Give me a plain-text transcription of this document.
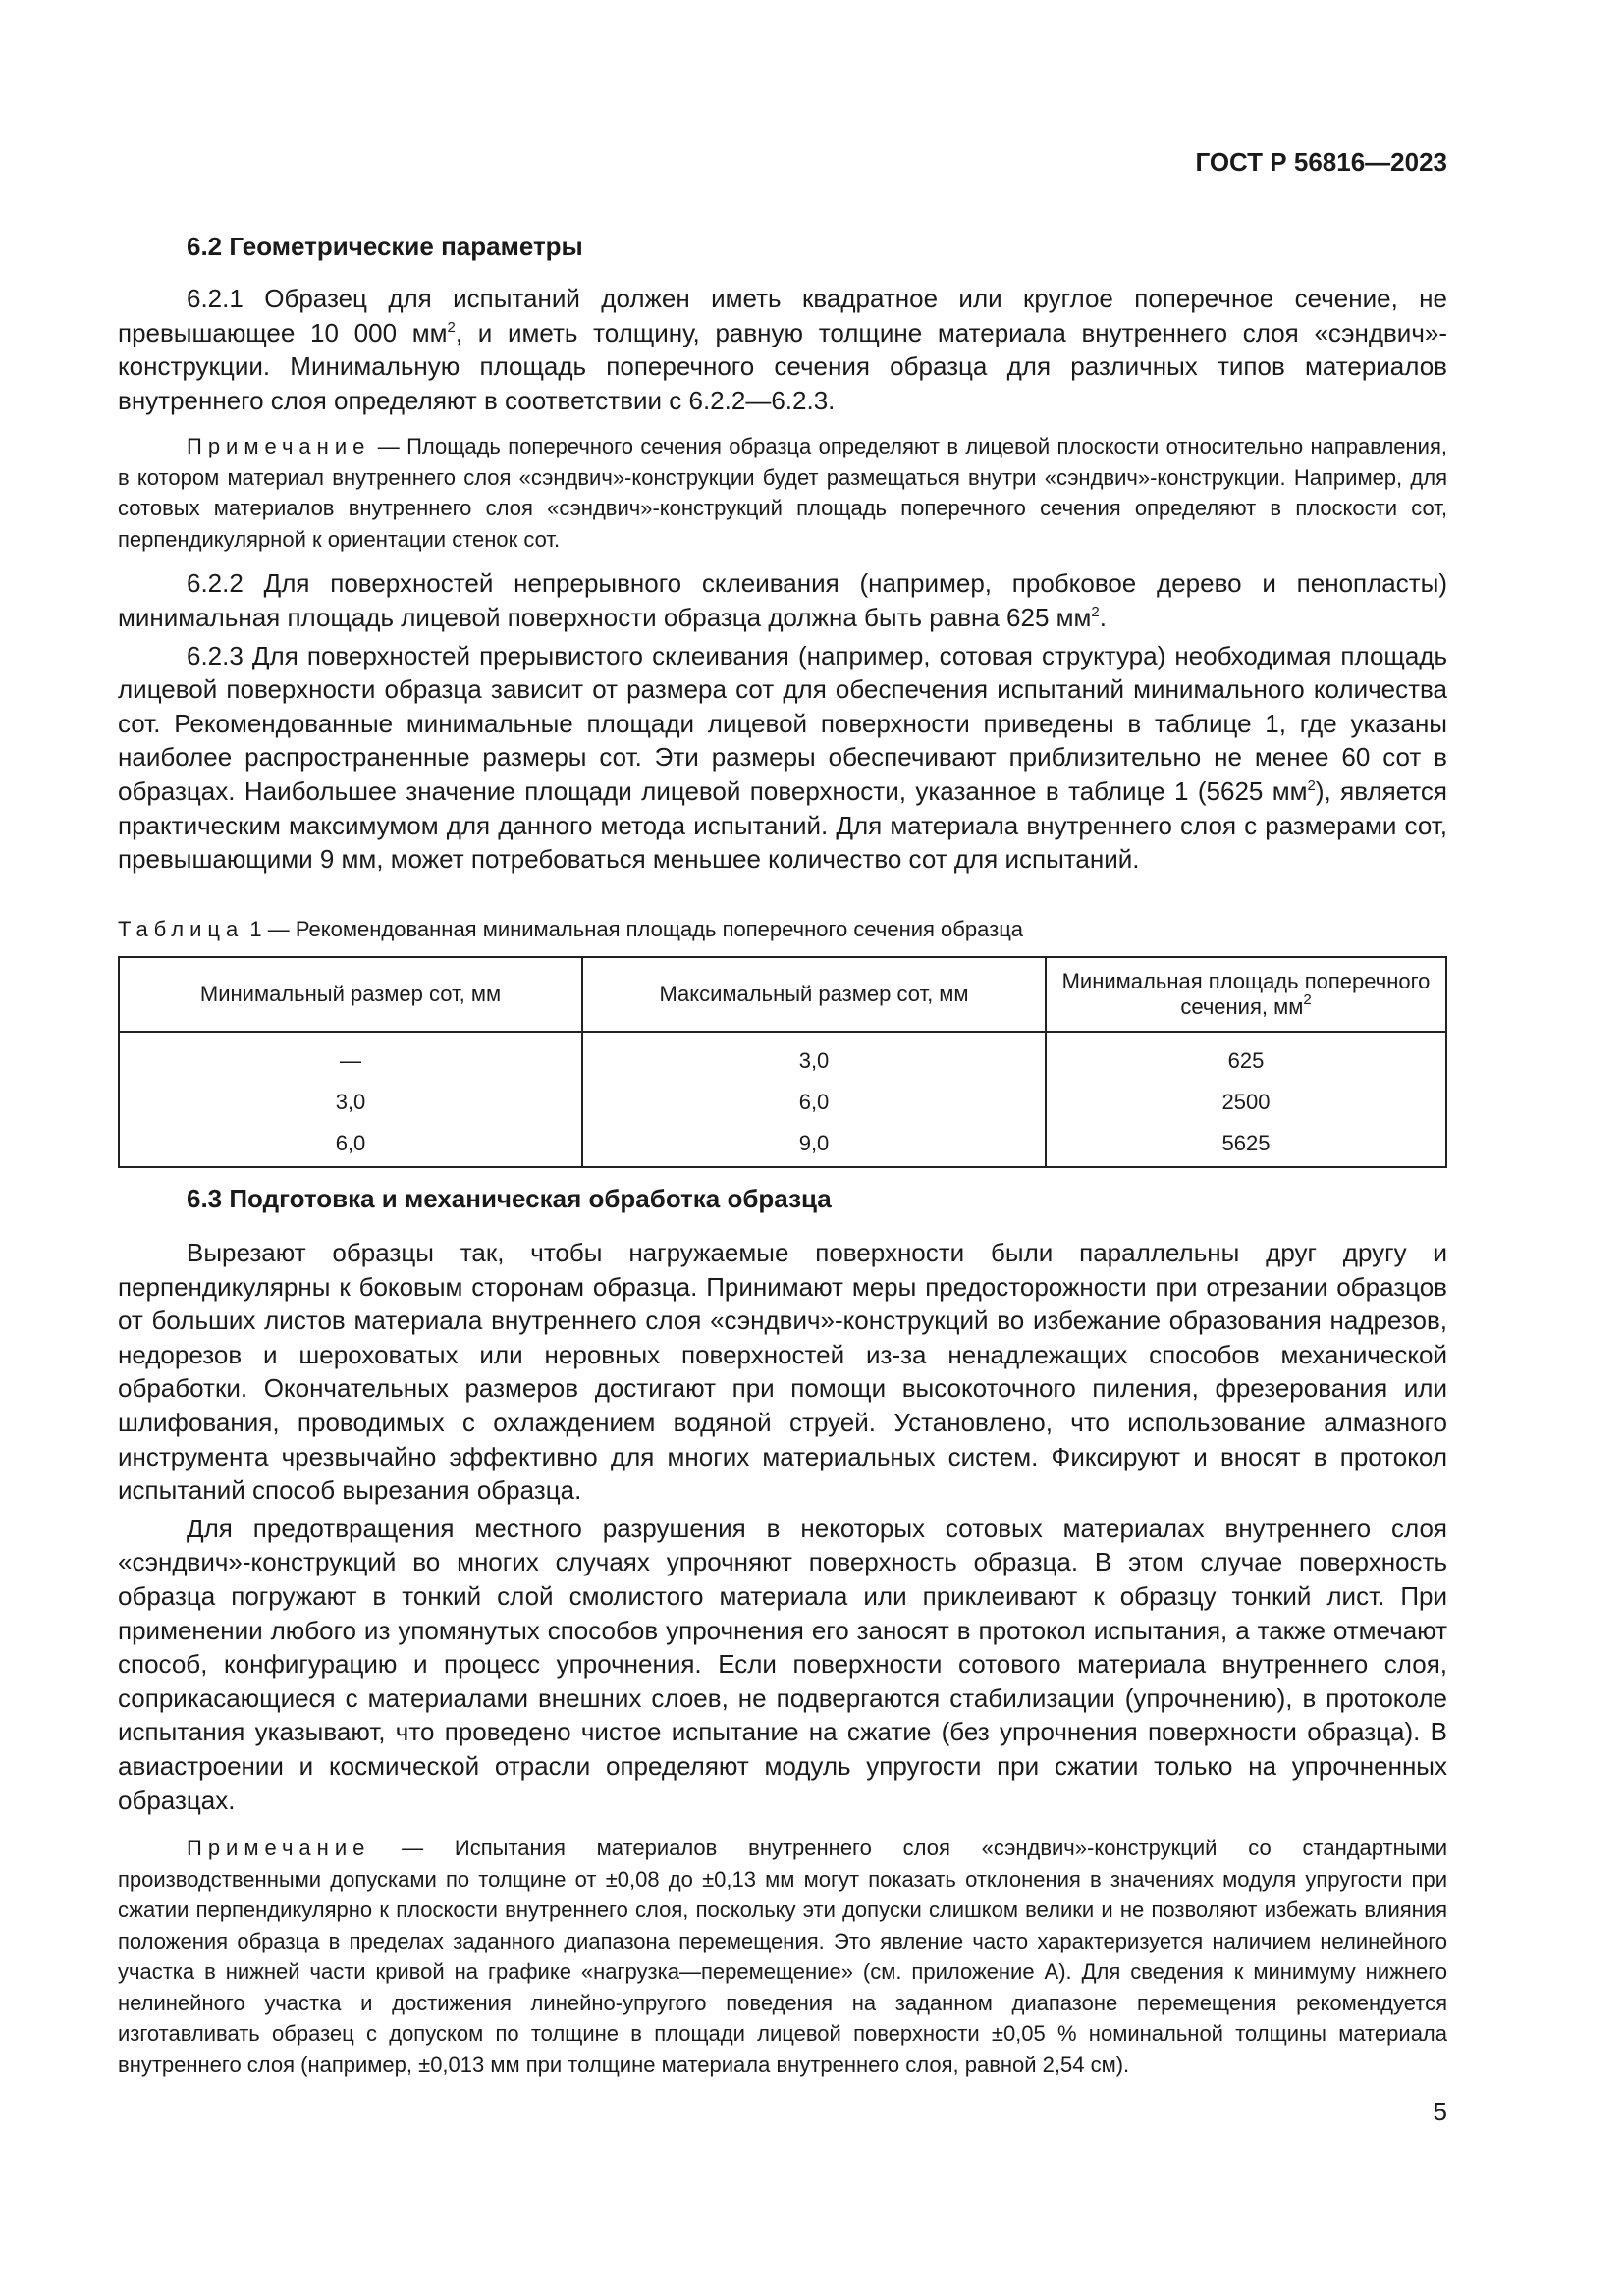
ГОСТ Р 56816—2023
6.2 Геометрические параметры

6.2.1 Образец для испытаний должен иметь квадратное или круглое поперечное сечение, не превышающее 10 000 $мм^2$, и иметь толщину, равную толщине материала внутреннего слоя «сэндвич»-конструкции. Минимальную площадь поперечного сечения образца для различных типов материалов внутреннего слоя определяют в соответствии с 6.2.2—6.2.3.

Примечание — Площадь поперечного сечения образца определяют в лицевой плоскости относительно направления, в котором материал внутреннего слоя «сэндвич»-конструкции будет размещаться внутри «сэндвич»-конструкции. Например, для сотовых материалов внутреннего слоя «сэндвич»-конструкций площадь поперечного сечения определяют в плоскости сот, перпендикулярной к ориентации стенок сот.

6.2.2 Для поверхностей непрерывного склеивания (например, пробковое дерево и пенопласты) минимальная площадь лицевой поверхности образца должна быть равна 625 $мм^2$.

6.2.3 Для поверхностей прерывистого склеивания (например, сотовая структура) необходимая площадь лицевой поверхности образца зависит от размера сот для обеспечения испытаний минимального количества сот. Рекомендованные минимальные площади лицевой поверхности приведены в таблице 1, где указаны наиболее распространенные размеры сот. Эти размеры обеспечивают приблизительно не менее 60 сот в образцах. Наибольшее значение площади лицевой поверхности, указанное в таблице 1 (5625 $мм^2$), является практическим максимумом для данного метода испытаний. Для материала внутреннего слоя с размерами сот, превышающими 9 мм, может потребоваться меньшее количество сот для испытаний.

Таблица 1 — Рекомендованная минимальная площадь поперечного сечения образца
Минимальный размер сот, мм	Максимальный размер сот, мм	Минимальная площадь поперечного сечения, $мм^2$
—	3,0	625
3,0	6,0	2500
6,0	9,0	5625
6.3 Подготовка и механическая обработка образца

Вырезают образцы так, чтобы нагружаемые поверхности были параллельны друг другу и перпендикулярны к боковым сторонам образца. Принимают меры предосторожности при отрезании образцов от больших листов материала внутреннего слоя «сэндвич»-конструкций во избежание образования надрезов, недорезов и шероховатых или неровных поверхностей из-за ненадлежащих способов механической обработки. Окончательных размеров достигают при помощи высокоточного пиления, фрезерования или шлифования, проводимых с охлаждением водяной струей. Установлено, что использование алмазного инструмента чрезвычайно эффективно для многих материальных систем. Фиксируют и вносят в протокол испытаний способ вырезания образца.

Для предотвращения местного разрушения в некоторых сотовых материалах внутреннего слоя «сэндвич»-конструкций во многих случаях упрочняют поверхность образца. В этом случае поверхность образца погружают в тонкий слой смолистого материала или приклеивают к образцу тонкий лист. При применении любого из упомянутых способов упрочнения его заносят в протокол испытания, а также отмечают способ, конфигурацию и процесс упрочнения. Если поверхности сотового материала внутреннего слоя, соприкасающиеся с материалами внешних слоев, не подвергаются стабилизации (упрочнению), в протоколе испытания указывают, что проведено чистое испытание на сжатие (без упрочнения поверхности образца). В авиастроении и космической отрасли определяют модуль упругости при сжатии только на упрочненных образцах.

Примечание — Испытания материалов внутреннего слоя «сэндвич»-конструкций со стандартными производственными допусками по толщине от ±0,08 до ±0,13 мм могут показать отклонения в значениях модуля упругости при сжатии перпендикулярно к плоскости внутреннего слоя, поскольку эти допуски слишком велики и не позволяют избежать влияния положения образца в пределах заданного диапазона перемещения. Это явление часто характеризуется наличием нелинейного участка в нижней части кривой на графике «нагрузка—перемещение» (см. приложение А). Для сведения к минимуму нижнего нелинейного участка и достижения линейно-упругого поведения на заданном диапазоне перемещения рекомендуется изготавливать образец с допуском по толщине в площади лицевой поверхности ±0,05 % номинальной толщины материала внутреннего слоя (например, ±0,013 мм при толщине материала внутреннего слоя, равной 2,54 см).

5
